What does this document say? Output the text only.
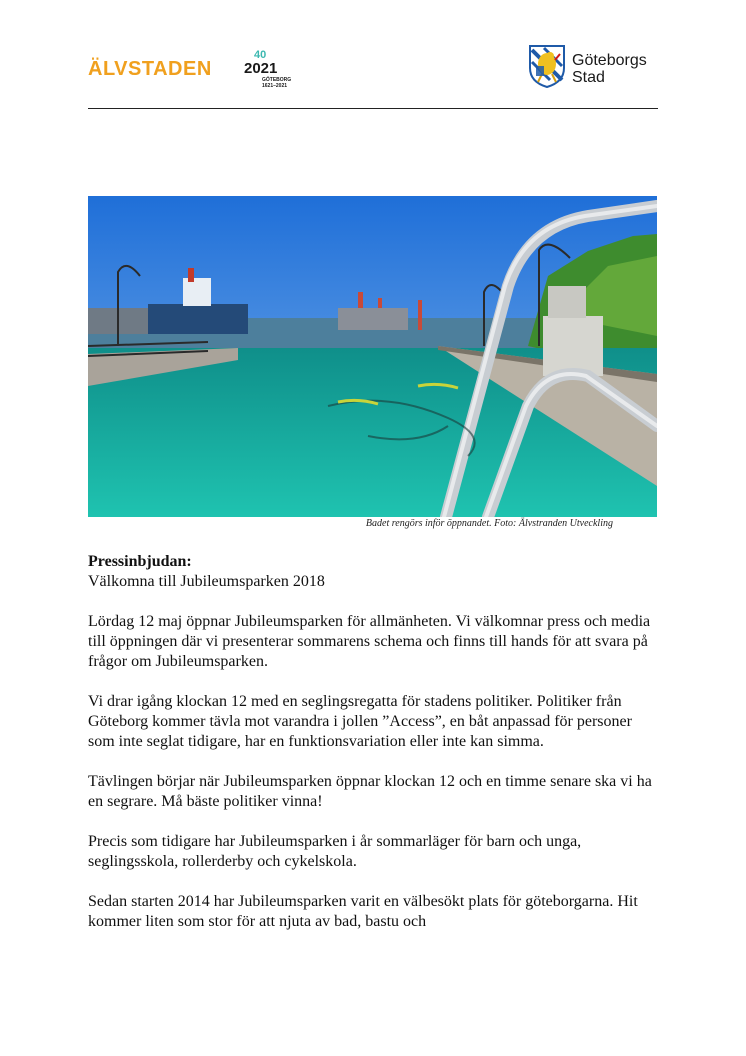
ÄLVSTADEN
40
2021
GÖTEBORG
1621–2021
Göteborgs
Stad
Badet rengörs inför öppnandet. Foto: Älvstranden Utveckling

Pressinbjudan:
Välkomna till Jubileumsparken 2018

Lördag 12 maj öppnar Jubileumsparken för allmänheten. Vi välkomnar press och media till öppningen där vi presenterar sommarens schema och finns till hands för att svara på frågor om Jubileumsparken.

Vi drar igång klockan 12 med en seglingsregatta för stadens politiker. Politiker från Göteborg kommer tävla mot varandra i jollen ”Access”, en båt anpassad för personer som inte seglat tidigare, har en funktionsvariation eller inte kan simma.

Tävlingen börjar när Jubileumsparken öppnar klockan 12 och en timme senare ska vi ha en segrare. Må bäste politiker vinna!

Precis som tidigare har Jubileumsparken i år sommarläger för barn och unga, seglingsskola, rollerderby och cykelskola.

Sedan starten 2014 har Jubileumsparken varit en välbesökt plats för göteborgarna. Hit kommer liten som stor för att njuta av bad, bastu och
